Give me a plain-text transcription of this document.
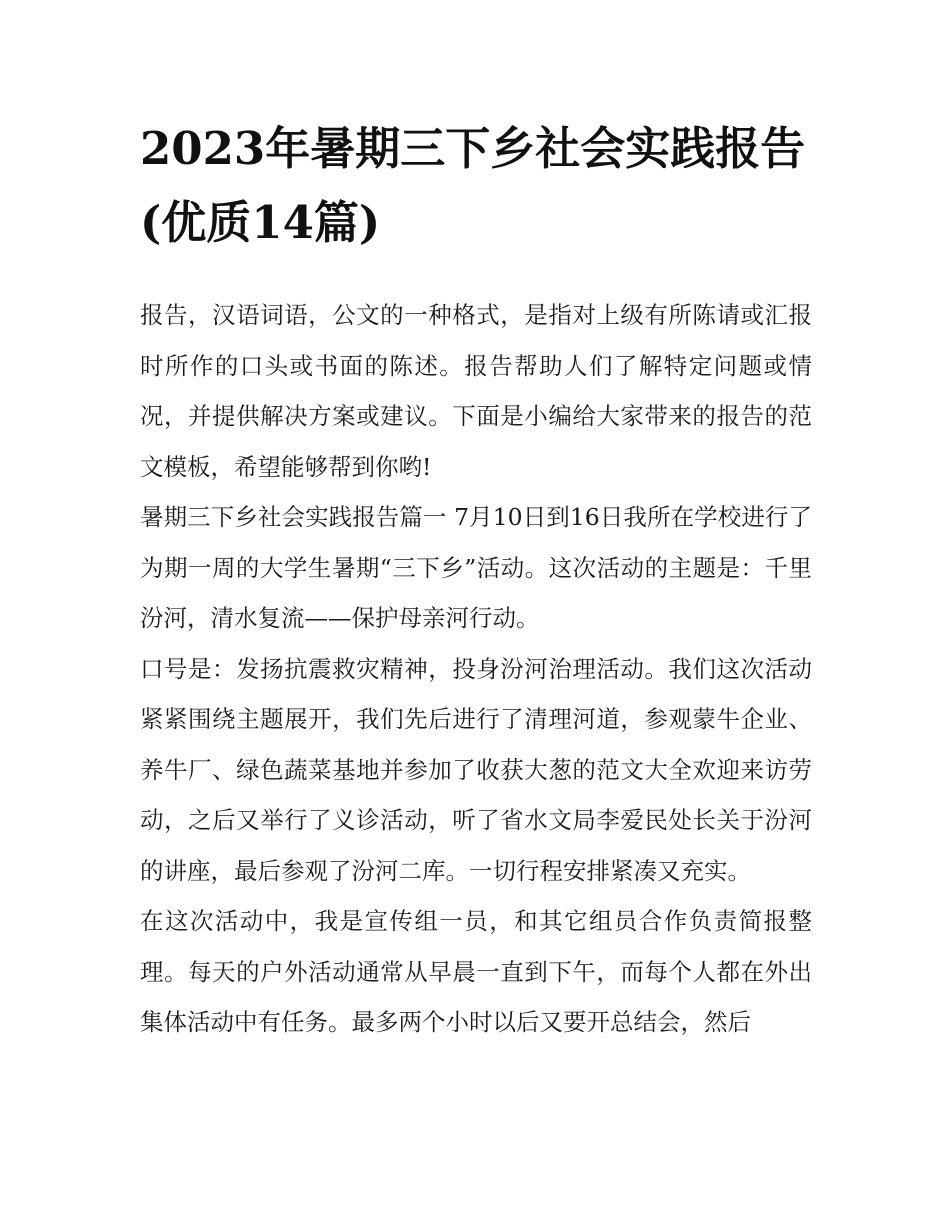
2023年暑期三下乡社会实践报告(优质14篇)

报告，汉语词语，公文的一种格式，是指对上级有所陈请或汇报时所作的口头或书面的陈述。报告帮助人们了解特定问题或情况，并提供解决方案或建议。下面是小编给大家带来的报告的范文模板，希望能够帮到你哟!

暑期三下乡社会实践报告篇一 7月10日到16日我所在学校进行了为期一周的大学生暑期“三下乡”活动。这次活动的主题是：千里汾河，清水复流——保护母亲河行动。

口号是：发扬抗震救灾精神，投身汾河治理活动。我们这次活动紧紧围绕主题展开，我们先后进行了清理河道，参观蒙牛企业、养牛厂、绿色蔬菜基地并参加了收获大葱的范文大全欢迎来访劳动，之后又举行了义诊活动，听了省水文局李爱民处长关于汾河的讲座，最后参观了汾河二库。一切行程安排紧凑又充实。

在这次活动中，我是宣传组一员，和其它组员合作负责简报整理。每天的户外活动通常从早晨一直到下午，而每个人都在外出集体活动中有任务。最多两个小时以后又要开总结会，然后
